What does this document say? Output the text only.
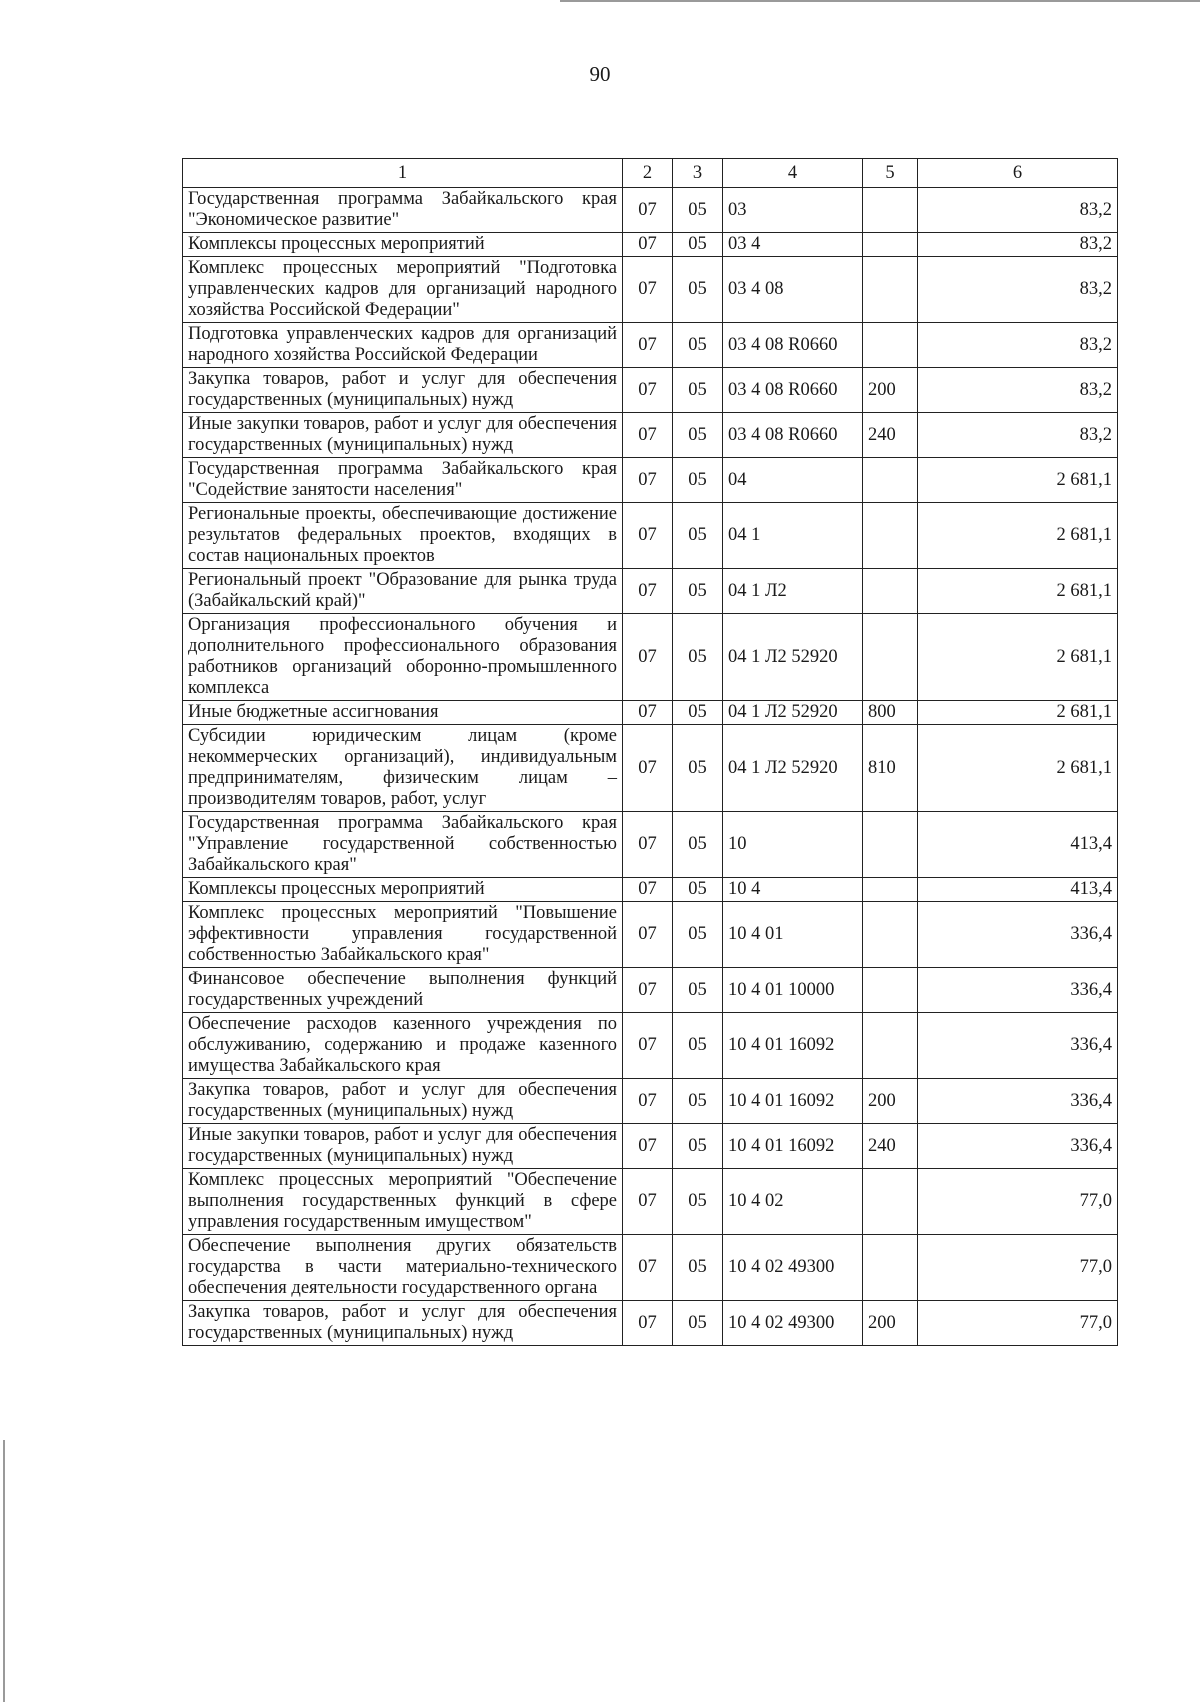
90
1	2	3	4	5	6
Государственная программа Забайкальского края "Экономическое развитие"	07	05	03		83,2
Комплексы процессных мероприятий	07	05	03 4		83,2
Комплекс процессных мероприятий "Подготовка управленческих кадров для организаций народного хозяйства Российской Федерации"	07	05	03 4 08		83,2
Подготовка управленческих кадров для организаций народного хозяйства Российской Федерации	07	05	03 4 08 R0660		83,2
Закупка товаров, работ и услуг для обеспечения государственных (муниципальных) нужд	07	05	03 4 08 R0660	200	83,2
Иные закупки товаров, работ и услуг для обеспечения государственных (муниципальных) нужд	07	05	03 4 08 R0660	240	83,2
Государственная программа Забайкальского края "Содействие занятости населения"	07	05	04		2 681,1
Региональные проекты, обеспечивающие достижение результатов федеральных проектов, входящих в состав национальных проектов	07	05	04 1		2 681,1
Региональный проект "Образование для рынка труда (Забайкальский край)"	07	05	04 1 Л2		2 681,1
Организация профессионального обучения и дополнительного профессионального образования работников организаций оборонно-промышленного комплекса	07	05	04 1 Л2 52920		2 681,1
Иные бюджетные ассигнования	07	05	04 1 Л2 52920	800	2 681,1
Субсидии юридическим лицам (кроме некоммерческих организаций), индивидуальным предпринимателям, физическим лицам – производителям товаров, работ, услуг	07	05	04 1 Л2 52920	810	2 681,1
Государственная программа Забайкальского края "Управление государственной собственностью Забайкальского края"	07	05	10		413,4
Комплексы процессных мероприятий	07	05	10 4		413,4
Комплекс процессных мероприятий "Повышение эффективности управления государственной собственностью Забайкальского края"	07	05	10 4 01		336,4
Финансовое обеспечение выполнения функций государственных учреждений	07	05	10 4 01 10000		336,4
Обеспечение расходов казенного учреждения по обслуживанию, содержанию и продаже казенного имущества Забайкальского края	07	05	10 4 01 16092		336,4
Закупка товаров, работ и услуг для обеспечения государственных (муниципальных) нужд	07	05	10 4 01 16092	200	336,4
Иные закупки товаров, работ и услуг для обеспечения государственных (муниципальных) нужд	07	05	10 4 01 16092	240	336,4
Комплекс процессных мероприятий "Обеспечение выполнения государственных функций в сфере управления государственным имуществом"	07	05	10 4 02		77,0
Обеспечение выполнения других обязательств государства в части материально-технического обеспечения деятельности государственного органа	07	05	10 4 02 49300		77,0
Закупка товаров, работ и услуг для обеспечения государственных (муниципальных) нужд	07	05	10 4 02 49300	200	77,0
